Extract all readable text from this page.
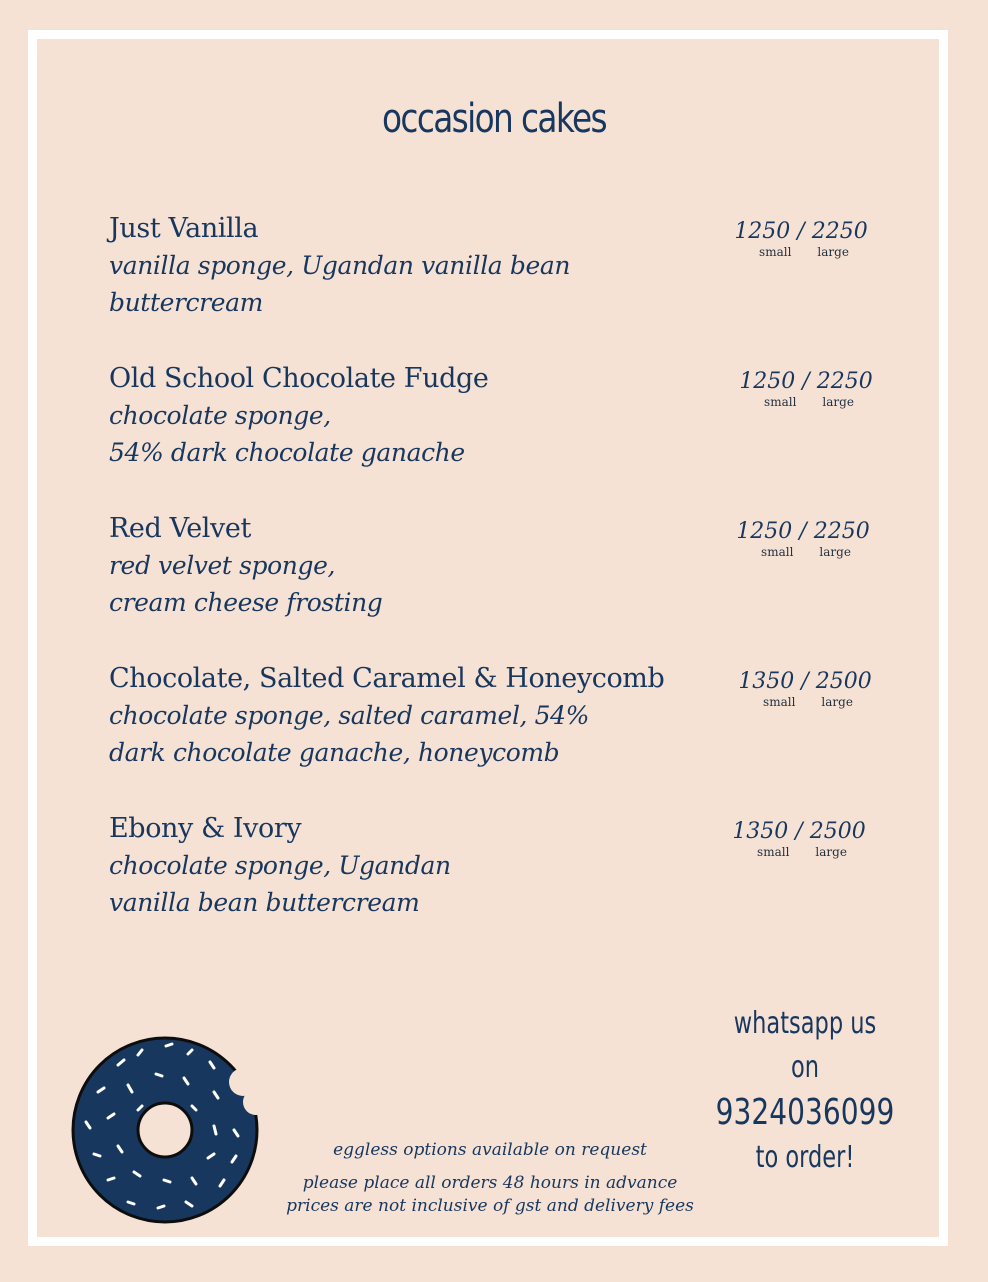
occasion cakes
Just Vanilla
vanilla sponge, Ugandan vanilla bean
buttercream
1250 / 2250
small large
Old School Chocolate Fudge
chocolate sponge,
54% dark chocolate ganache
1250 / 2250
small large
Red Velvet
red velvet sponge,
cream cheese frosting
1250 / 2250
small large
Chocolate, Salted Caramel & Honeycomb
chocolate sponge, salted caramel, 54%
dark chocolate ganache, honeycomb
1350 / 2500
small large
Ebony & Ivory
chocolate sponge, Ugandan
vanilla bean buttercream
1350 / 2500
small large
whatsapp us on
9324036099
to order!
eggless options available on request
please place all orders 48 hours in advance
prices are not inclusive of gst and delivery fees
